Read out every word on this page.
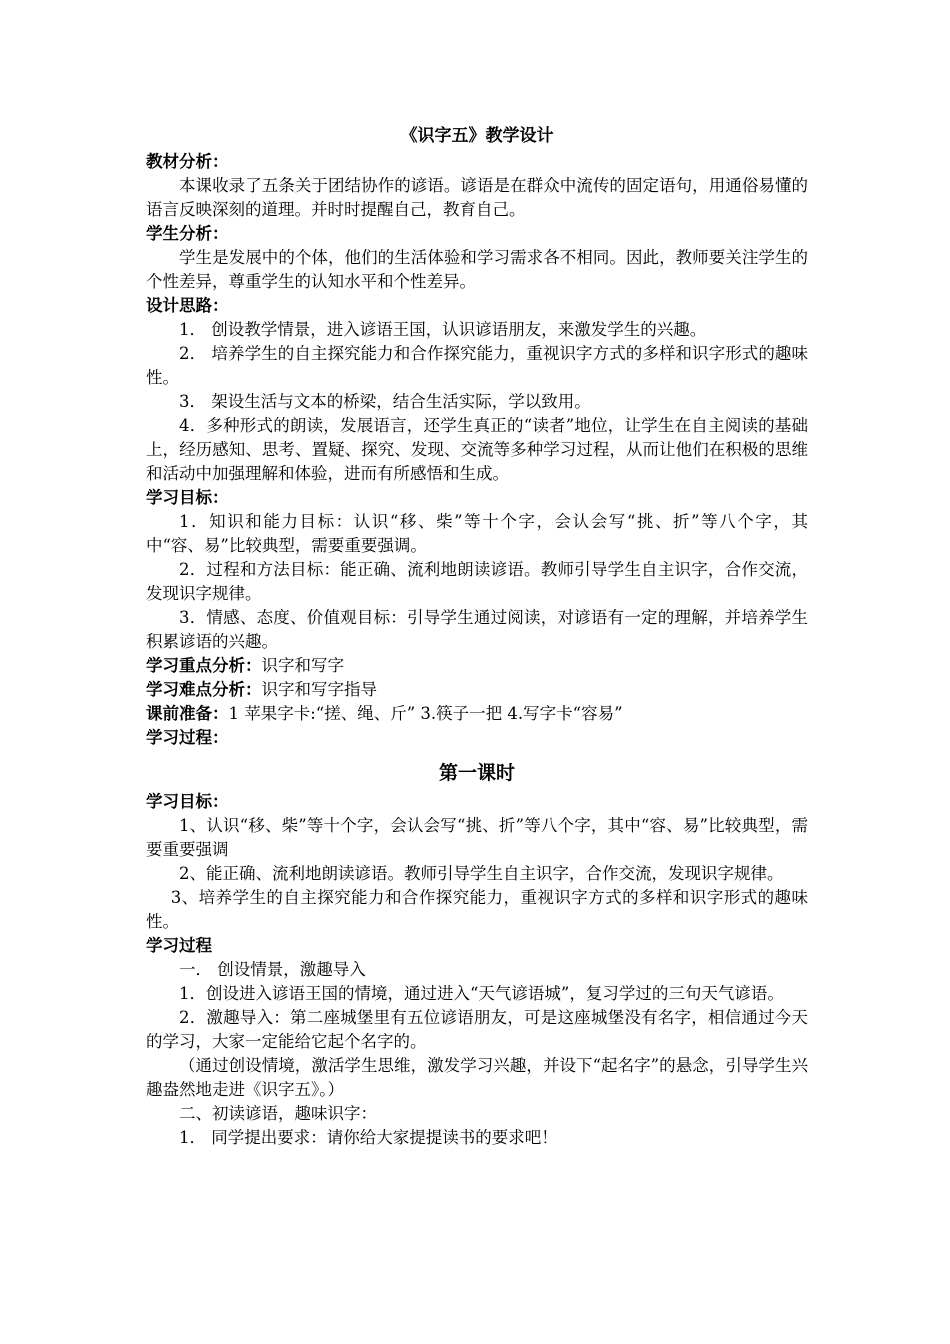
《识字五》教学设计
教材分析：

本课收录了五条关于团结协作的谚语。谚语是在群众中流传的固定语句，用通俗易懂的语言反映深刻的道理。并时时提醒自己，教育自己。

学生分析：

学生是发展中的个体，他们的生活体验和学习需求各不相同。因此，教师要关注学生的个性差异，尊重学生的认知水平和个性差异。

设计思路：

1． 创设教学情景，进入谚语王国，认识谚语朋友，来激发学生的兴趣。

2． 培养学生的自主探究能力和合作探究能力，重视识字方式的多样和识字形式的趣味性。

3． 架设生活与文本的桥梁，结合生活实际，学以致用。

4．多种形式的朗读，发展语言，还学生真正的“读者”地位，让学生在自主阅读的基础上，经历感知、思考、置疑、探究、发现、交流等多种学习过程，从而让他们在积极的思维和活动中加强理解和体验，进而有所感悟和生成。

学习目标：

1．知识和能力目标：认识“移、柴”等十个字，会认会写“挑、折”等八个字，其中“容、易”比较典型，需要重要强调。

2．过程和方法目标：能正确、流利地朗读谚语。教师引导学生自主识字，合作交流，发现识字规律。

3．情感、态度、价值观目标：引导学生通过阅读，对谚语有一定的理解，并培养学生积累谚语的兴趣。

学习重点分析：识字和写字
学习难点分析：识字和写字指导
课前准备：1 苹果字卡:“搓、绳、斤” 3.筷子一把 4.写字卡“容易”
学习过程：
第一课时
学习目标：

1、认识“移、柴”等十个字，会认会写“挑、折”等八个字，其中“容、易”比较典型，需要重要强调

2、能正确、流利地朗读谚语。教师引导学生自主识字，合作交流，发现识字规律。

3、培养学生的自主探究能力和合作探究能力，重视识字方式的多样和识字形式的趣味性。

学习过程

一． 创设情景，激趣导入

1．创设进入谚语王国的情境，通过进入“天气谚语城”，复习学过的三句天气谚语。

2．激趣导入：第二座城堡里有五位谚语朋友，可是这座城堡没有名字，相信通过今天的学习，大家一定能给它起个名字的。

（通过创设情境，激活学生思维，激发学习兴趣，并设下“起名字”的悬念，引导学生兴趣盎然地走进《识字五》。）

二、初读谚语，趣味识字：

1． 同学提出要求：请你给大家提提读书的要求吧！
